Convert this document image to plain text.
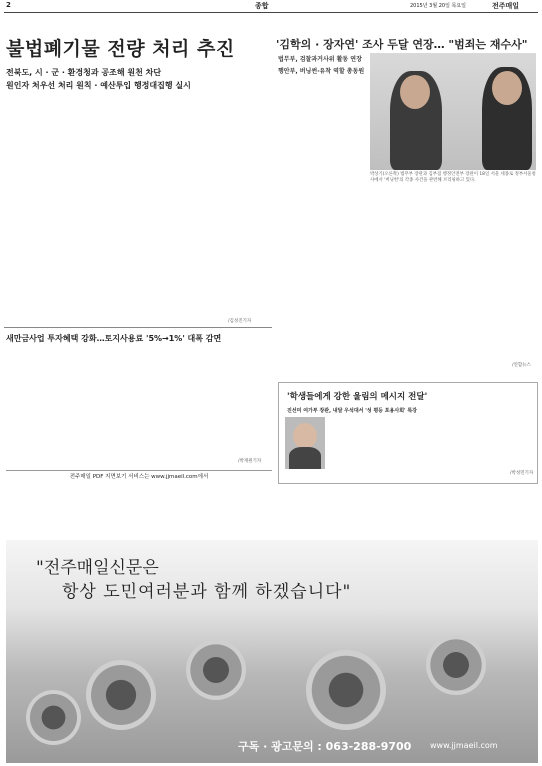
2	종합	2015년 3월 20일 목요일	전주매일
불법폐기물 전량 처리 추진
전북도, 시 · 군 · 환경청과 공조해 원천 차단
원인자 처우선 처리 원칙 · 예산투입 행정대집행 실시
/김성진기자
'김학의 · 장자연' 조사 두달 연장… "범죄는 재수사"
법무부, 검찰과거사위 활동 연장
행안부, 버닝썬·유착 역할 총동원
박상기(오른쪽) 법무부 장관과 김부겸 행정안전부 장관이 18일 서울 세종로 정부서울청사에서 '버닝썬'의 각종 사건을 관련해 브리핑하고 있다.
/연합뉴스
새만금사업 투자혜택 강화…토지사용료 '5%→1%' 대폭 감면
/박재원기자
전주매일 PDF 지면보기 서비스는 www.jjmaeil.com에서
'학생들에게 강한 울림의 메시지 전달'
진선미 여가부 장관, 내달 우석대서 '성 평등 포용사회' 특강
/박성민기자
"전주매일신문은
항상 도민여러분과 함께 하겠습니다"
구독 · 광고문의 : 063-288-9700 www.jjmaeil.com
